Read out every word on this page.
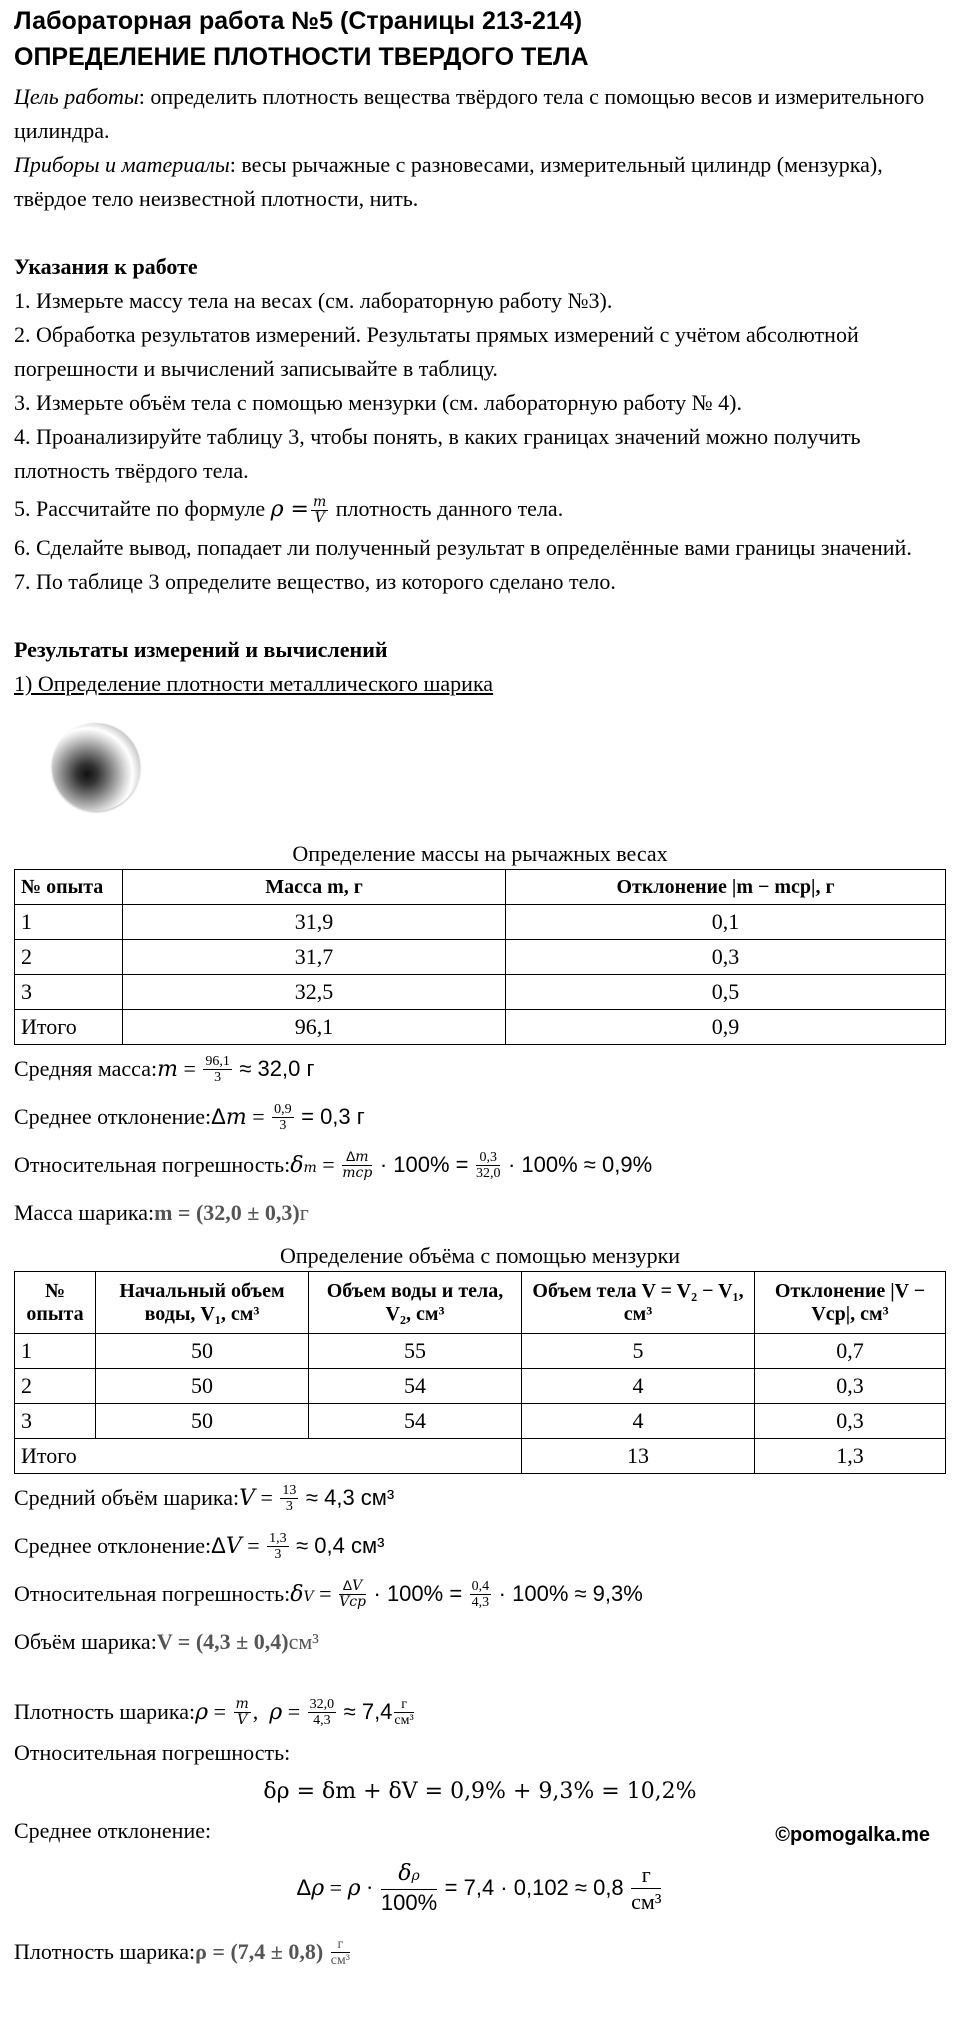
Лабораторная работа №5 (Страницы 213-214)
ОПРЕДЕЛЕНИЕ ПЛОТНОСТИ ТВЕРДОГО ТЕЛА

Цель работы: определить плотность вещества твёрдого тела с помощью весов и измерительного цилиндра.

Приборы и материалы: весы рычажные с разновесами, измерительный цилиндр (мензурка), твёрдое тело неизвестной плотности, нить.

Указания к работе

1. Измерьте массу тела на весах (см. лабораторную работу №3).
2. Обработка результатов измерений. Результаты прямых измерений с учётом абсолютной погрешности и вычислений записывайте в таблицу.
3. Измерьте объём тела с помощью мензурки (см. лабораторную работу № 4).
4. Проанализируйте таблицу 3, чтобы понять, в каких границах значений можно получить плотность твёрдого тела.
5. Рассчитайте по формуле $\rho = \frac{m}{V}$ плотность данного тела.
6. Сделайте вывод, попадает ли полученный результат в определённые вами границы значений.
7. По таблице 3 определите вещество, из которого сделано тело.

Результаты измерений и вычислений

1) Определение плотности металлического шарика

Определение массы на рычажных весах
№ опыта	Масса m, г	Отклонение |m − mср|, г
1	31,9	0,1
2	31,7	0,3
3	32,5	0,5
Итого	96,1	0,9
Средняя масса: $m = \frac{96,1}{3}$
≈ 32,0 г
Среднее отклонение: Δ $m = \frac{0,9}{3}$
= 0,3 г
Относительная погрешность: $\delta m = \frac{\Delta m}{\text{mcp}}$
· 100% =
$\frac{0,3}{32,0}$
· 100% ≈ 0,9%
Масса шарика: m = (32,0 ± 0,3) г
Определение объёма с помощью мензурки
№ опыта	Начальный объем воды, V₁, см³	Объем воды и тела, V₂, см³	Объем тела V = V₂ − V₁, см³	Отклонение |V − Vср|, см³
1	50	55	5	0,7
2	50	54	4	0,3
3	50	54	4	0,3
Итого			13	1,3
Средний объём шарика: $V = \frac{13}{3}$
≈ 4,3 см³
Среднее отклонение: Δ $V = \frac{1,3}{3}$
≈ 0,4 см³
Относительная погрешность: $\delta V = \frac{\Delta V}{\text{Vcp}}$
· 100% =
$\frac{0,4}{4,3}$
· 100% ≈ 9,3%
Объём шарика: V = (4,3 ± 0,4) см³
Плотность шарика: $\rho = \frac{m}{V}$ , $\rho = \frac{32,0}{4,3}$
≈ $7,4 \frac{г}{\text{см³}}$

Относительная погрешность:

δρ = δm + δV = 0,9% + 9,3% = 10,2%

Среднее отклонение:

Δ $\rho = \rho \cdot \frac{\delta\rho}{100\%}$
= 7,4 · 0,102 ≈ 0,8
$\frac{г}{\text{см³}}$
Плотность шарика: ρ = (7,4 ± 0,8)
$\frac{г}{\text{см³}}$
©pomogalka.me
